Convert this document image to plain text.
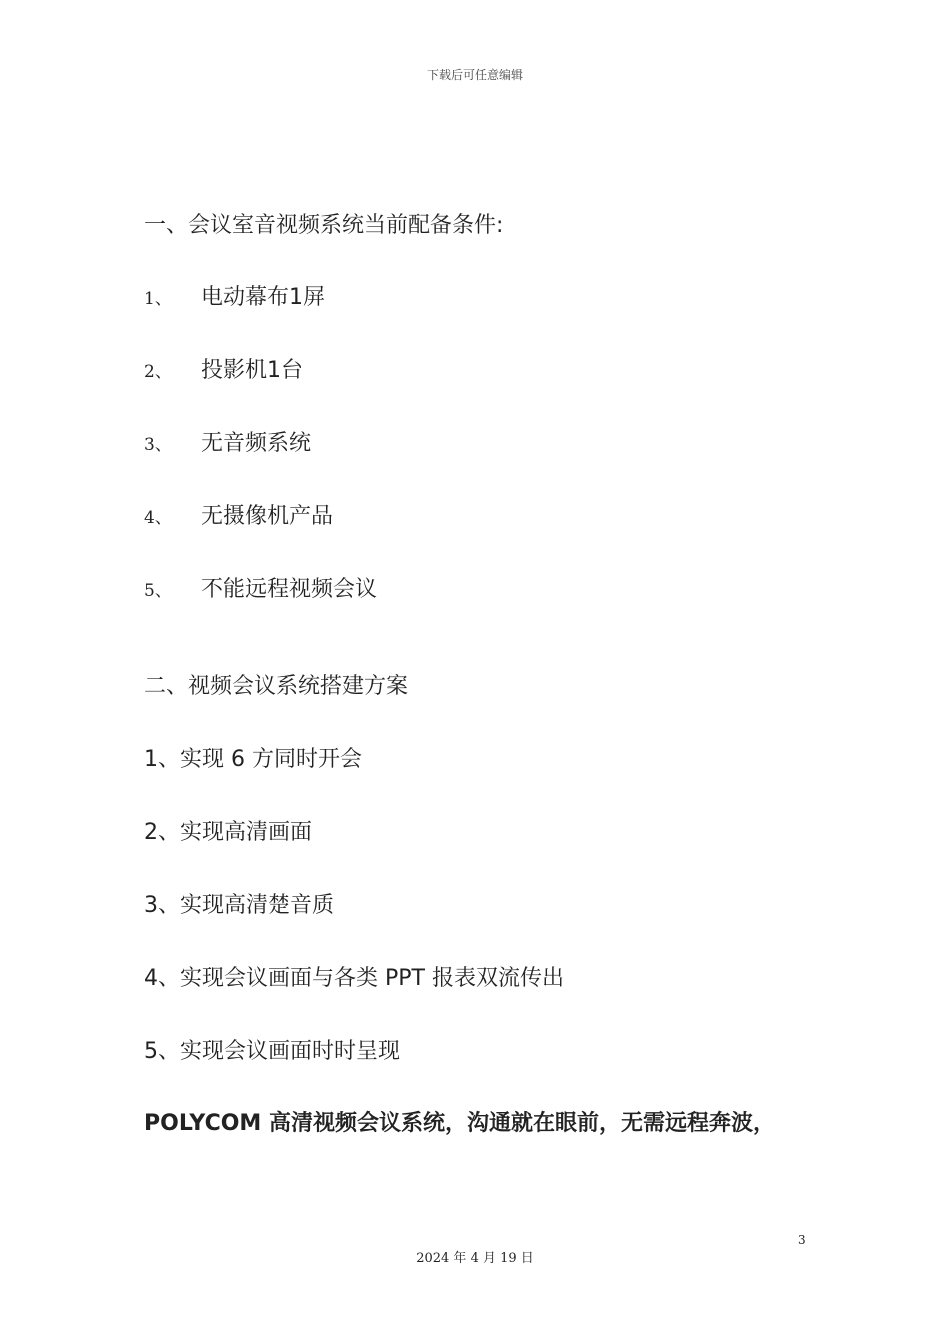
下载后可任意编辑
一、会议室音视频系统当前配备条件:
1、 电动幕布1屏
2、 投影机1台
3、 无音频系统
4、 无摄像机产品
5、 不能远程视频会议
二、视频会议系统搭建方案
1、实现 6 方同时开会
2、实现高清画面
3、实现高清楚音质
4、实现会议画面与各类 PPT 报表双流传出
5、实现会议画面时时呈现
POLYCOM 高清视频会议系统，沟通就在眼前，无需远程奔波，
3
2024 年 4 月 19 日
